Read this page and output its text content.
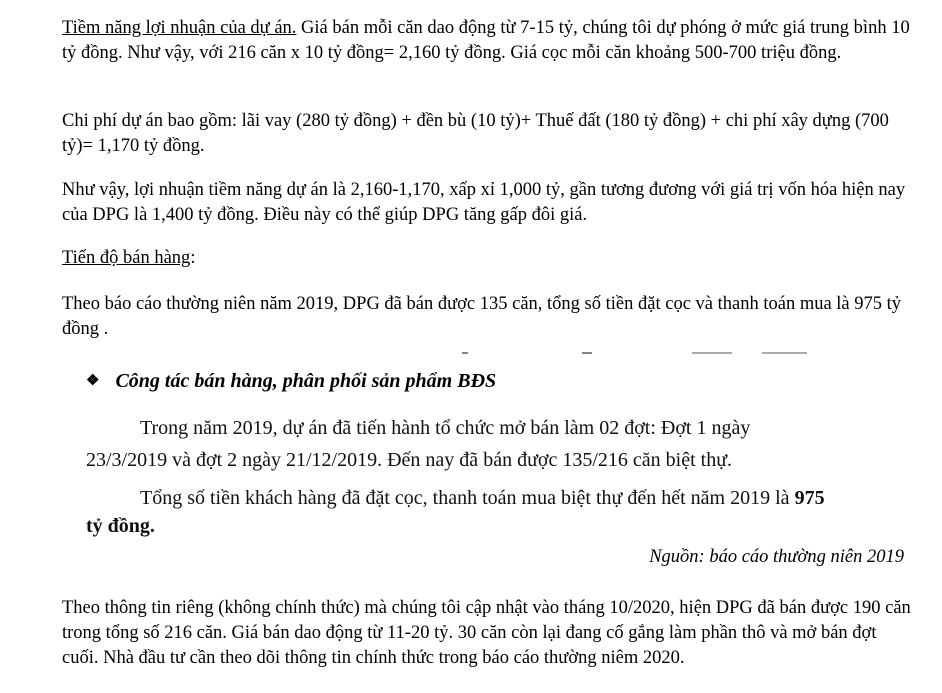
Tiềm năng lợi nhuận của dự án. Giá bán mỗi căn dao động từ 7-15 tỷ, chúng tôi dự phóng ở mức giá trung bình 10 tỷ đồng. Như vậy, với 216 căn x 10 tỷ đồng= 2,160 tỷ đồng. Giá cọc mỗi căn khoảng 500-700 triệu đồng.

Chi phí dự án bao gồm: lãi vay (280 tỷ đồng) + đền bù (10 tỷ)+ Thuế đất (180 tỷ đồng) + chi phí xây dựng (700 tỷ)= 1,170 tỷ đồng.

Như vậy, lợi nhuận tiềm năng dự án là 2,160-1,170, xấp xỉ 1,000 tỷ, gần tương đương với giá trị vốn hóa hiện nay của DPG là 1,400 tỷ đồng. Điều này có thể giúp DPG tăng gấp đôi giá.

Tiến độ bán hàng:

Theo báo cáo thường niên năm 2019, DPG đã bán được 135 căn, tổng số tiền đặt cọc và thanh toán mua là 975 tỷ đồng .

❖ Công tác bán hàng, phân phối sản phẩm BĐS
Trong năm 2019, dự án đã tiến hành tổ chức mở bán làm 02 đợt: Đợt 1 ngày
23/3/2019 và đợt 2 ngày 21/12/2019. Đến nay đã bán được 135/216 căn biệt thự.
Tổng số tiền khách hàng đã đặt cọc, thanh toán mua biệt thự đến hết năm 2019 là 975
tỷ đồng.
Nguồn: báo cáo thường niên 2019

Theo thông tin riêng (không chính thức) mà chúng tôi cập nhật vào tháng 10/2020, hiện DPG đã bán được 190 căn trong tổng số 216 căn. Giá bán dao động từ 11-20 tỷ. 30 căn còn lại đang cố gắng làm phần thô và mở bán đợt cuối. Nhà đầu tư cần theo dõi thông tin chính thức trong báo cáo thường niêm 2020.
